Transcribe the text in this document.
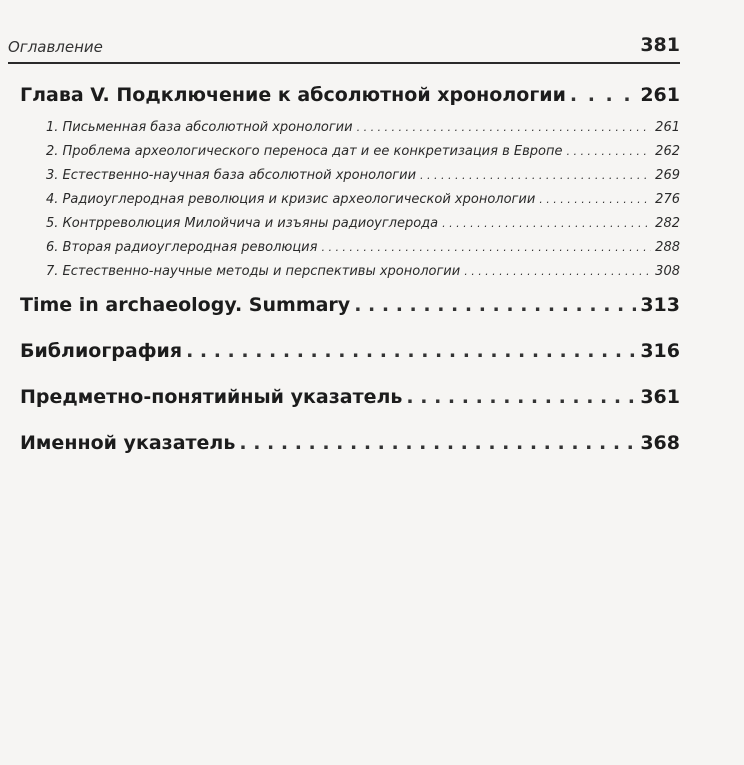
Оглавление	381
Глава V. Подключение к абсолютной хронологии . . .	261
1. Письменная база абсолютной хронологии . . .	261
2. Проблема археологического переноса дат и ее конкретизация в Европе . . .	262
3. Естественно-научная база абсолютной хронологии . . .	269
4. Радиоуглеродная революция и кризис археологической хронологии . . .	276
5. Контрреволюция Милойчича и изъяны радиоуглерода . . .	282
6. Вторая радиоуглеродная революция . . .	288
7. Естественно-научные методы и перспективы хронологии . . .	308
Time in archaeology. Summary . . .	313
Библиография . . .	316
Предметно-понятийный указатель . . .	361
Именной указатель . . .	368
